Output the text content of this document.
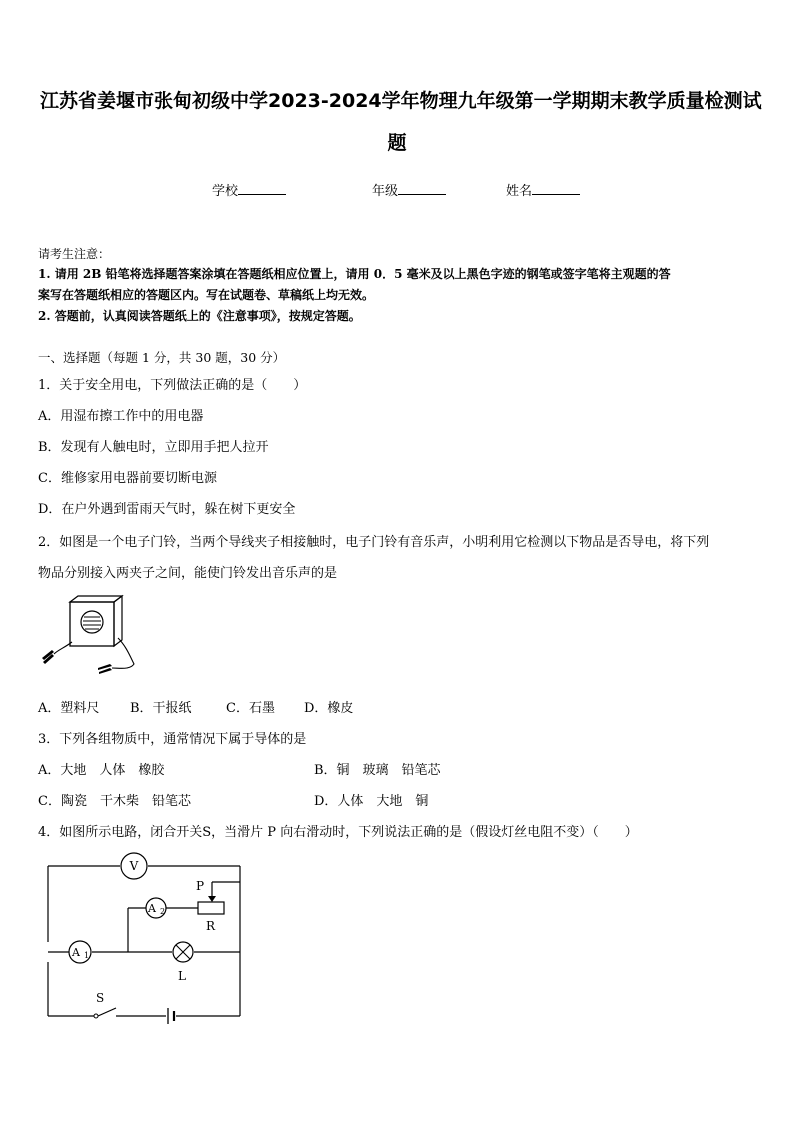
江苏省姜堰市张甸初级中学2023-2024学年物理九年级第一学期期末教学质量检测试
题
学校	年级	姓名
请考生注意：
1. 请用 2B 铅笔将选择题答案涂填在答题纸相应位置上，请用 0．5 毫米及以上黑色字迹的钢笔或签字笔将主观题的答
案写在答题纸相应的答题区内。写在试题卷、草稿纸上均无效。
2. 答题前，认真阅读答题纸上的《注意事项》，按规定答题。
一、选择题（每题 1 分，共 30 题，30 分）
1．关于安全用电，下列做法正确的是（　　）
A．用湿布擦工作中的用电器
B．发现有人触电时，立即用手把人拉开
C．维修家用电器前要切断电源
D．在户外遇到雷雨天气时，躲在树下更安全
2．如图是一个电子门铃，当两个导线夹子相接触时，电子门铃有音乐声，小明利用它检测以下物品是否导电，将下列
物品分别接入两夹子之间，能使门铃发出音乐声的是
A．塑料尺 B．干报纸	C．石墨 D．橡皮
3．下列各组物质中，通常情况下属于导体的是
A．大地　人体　橡胶	B．铜　玻璃　铅笔芯
C．陶瓷　干木柴　铅笔芯	D．人体　大地　铜
4．如图所示电路，闭合开关S，当滑片 P 向右滑动时，下列说法正确的是（假设灯丝电阻不变）（　　）
V
A 2
A 1
P
R
L
S
